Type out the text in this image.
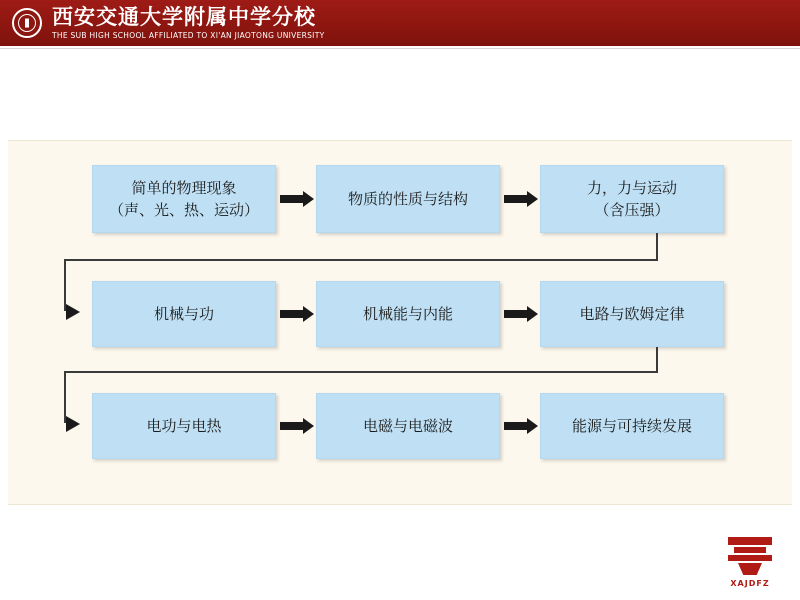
西安交通大学附属中学分校
THE SUB HIGH SCHOOL AFFILIATED TO XI'AN JIAOTONG UNIVERSITY
简单的物理现象
（声、光、热、运动）
物质的性质与结构
力，力与运动
（含压强）
机械与功	机械能与内能	电路与欧姆定律
电功与电热	电磁与电磁波	能源与可持续发展
XAJDFZ
